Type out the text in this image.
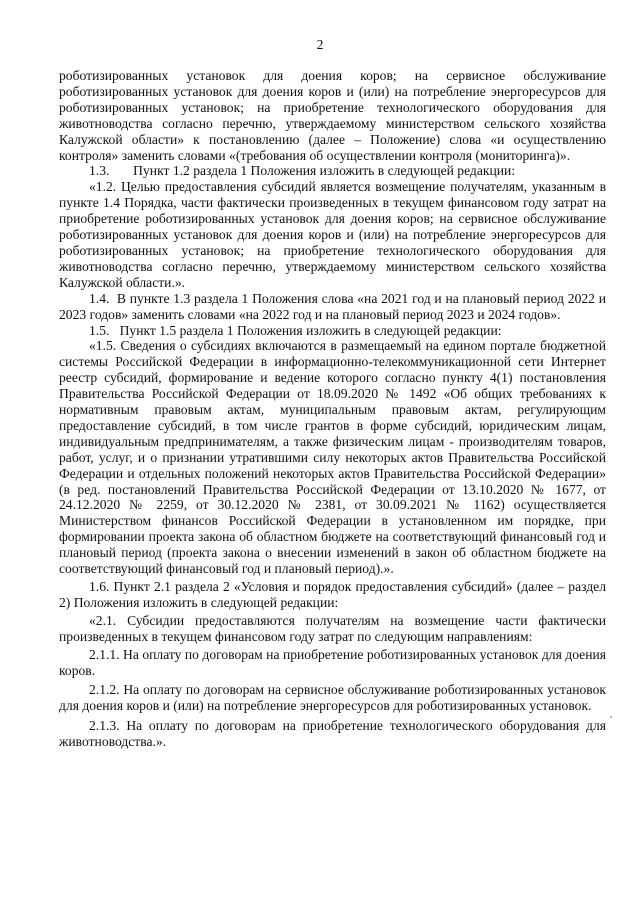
2

роботизированных установок для доения коров; на сервисное обслуживание роботизированных установок для доения коров и (или) на потребление энергоресурсов для роботизированных установок; на приобретение технологического оборудования для животноводства согласно перечню, утверждаемому министерством сельского хозяйства Калужской области» к постановлению (далее – Положение) слова «и осуществлению контроля» заменить словами «(требования об осуществлении контроля (мониторинга)».

1.3.       Пункт 1.2 раздела 1 Положения изложить в следующей редакции:

«1.2. Целью предоставления субсидий является возмещение получателям, указанным в пункте 1.4 Порядка, части фактически произведенных в текущем финансовом году затрат на приобретение роботизированных установок для доения коров; на сервисное обслуживание роботизированных установок для доения коров и (или) на потребление энергоресурсов для роботизированных установок; на приобретение технологического оборудования для животноводства согласно перечню, утверждаемому министерством сельского хозяйства Калужской области.».

1.4.  В пункте 1.3 раздела 1 Положения слова «на 2021 год и на плановый период 2022 и 2023 годов» заменить словами «на 2022 год и на плановый период 2023 и 2024 годов».

1.5.   Пункт 1.5 раздела 1 Положения изложить в следующей редакции:

«1.5. Сведения о субсидиях включаются в размещаемый на едином портале бюджетной системы Российской Федерации в информационно-телекоммуникационной сети Интернет реестр субсидий, формирование и ведение которого согласно пункту 4(1) постановления Правительства Российской Федерации от 18.09.2020 № 1492 «Об общих требованиях к нормативным правовым актам, муниципальным правовым актам, регулирующим предоставление субсидий, в том числе грантов в форме субсидий, юридическим лицам, индивидуальным предпринимателям, а также физическим лицам - производителям товаров, работ, услуг, и о признании утратившими силу некоторых актов Правительства Российской Федерации и отдельных положений некоторых актов Правительства Российской Федерации» (в ред. постановлений Правительства Российской Федерации от 13.10.2020 № 1677, от 24.12.2020 № 2259, от 30.12.2020 № 2381, от 30.09.2021 № 1162) осуществляется Министерством финансов Российской Федерации в установленном им порядке, при формировании проекта закона об областном бюджете на соответствующий финансовый год и плановый период (проекта закона о внесении изменений в закон об областном бюджете на соответствующий финансовый год и плановый период).».

1.6. Пункт 2.1 раздела 2 «Условия и порядок предоставления субсидий» (далее – раздел 2) Положения изложить в следующей редакции:

«2.1. Субсидии предоставляются получателям на возмещение части фактически произведенных в текущем финансовом году затрат по следующим направлениям:

2.1.1. На оплату по договорам на приобретение роботизированных установок для доения коров.

2.1.2. На оплату по договорам на сервисное обслуживание роботизированных установок для доения коров и (или) на потребление энергоресурсов для роботизированных установок.

2.1.3. На оплату по договорам на приобретение технологического оборудования для животноводства.».
